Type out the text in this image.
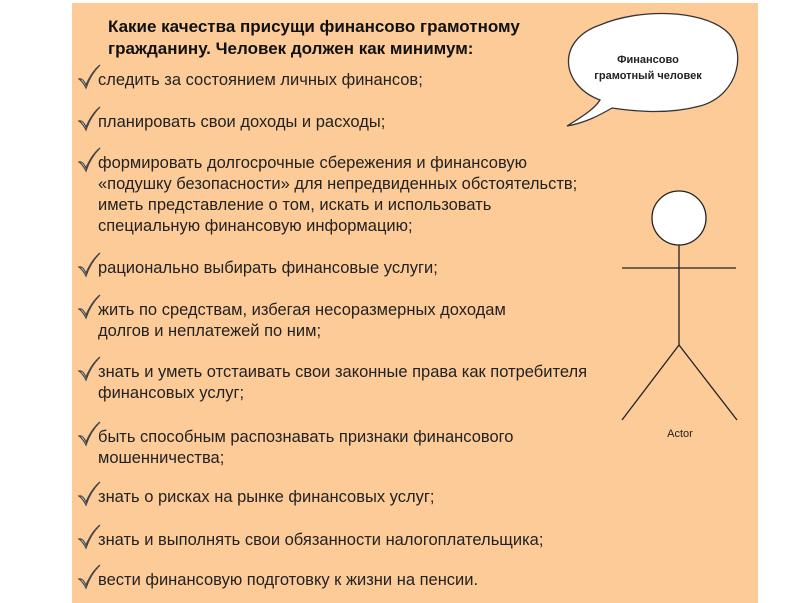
Какие качества присущи финансово грамотному гражданину. Человек должен как минимум:
следить за состоянием личных финансов;
планировать свои доходы и расходы;
формировать долгосрочные сбережения и финансовую «подушку безопасности» для непредвиденных обстоятельств; иметь представление о том, искать и использовать специальную финансовую информацию;
рационально выбирать финансовые услуги;
жить по средствам, избегая несоразмерных доходам долгов и неплатежей по ним;
знать и уметь отстаивать свои законные права как потребителя финансовых услуг;
быть способным распознавать признаки финансового мошенничества;
знать о рисках на рынке финансовых услуг;
знать и выполнять свои обязанности налогоплательщика;
вести финансовую подготовку к жизни на пенсии.
Финансово грамотный человек
Actor
